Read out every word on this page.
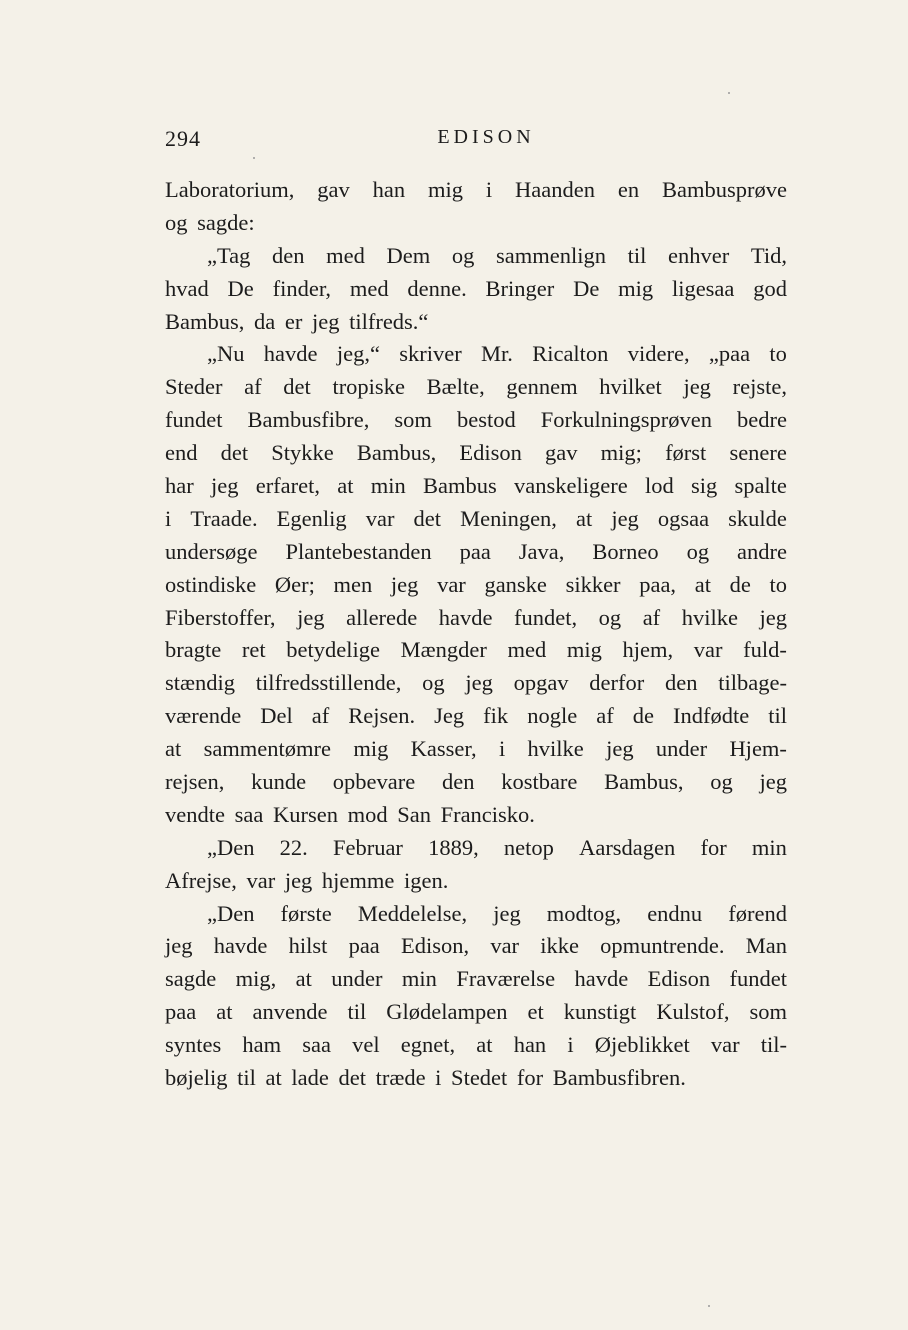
294	EDISON
Laboratorium, gav han mig i Haanden en Bambusprøve
og sagde:
„Tag den med Dem og sammenlign til enhver Tid,
hvad De finder, med denne. Bringer De mig ligesaa god
Bambus, da er jeg tilfreds.“
„Nu havde jeg,“ skriver Mr. Ricalton videre, „paa to
Steder af det tropiske Bælte, gennem hvilket jeg rejste,
fundet Bambusfibre, som bestod Forkulningsprøven bedre
end det Stykke Bambus, Edison gav mig; først senere
har jeg erfaret, at min Bambus vanskeligere lod sig spalte
i Traade. Egenlig var det Meningen, at jeg ogsaa skulde
undersøge Plantebestanden paa Java, Borneo og andre
ostindiske Øer; men jeg var ganske sikker paa, at de to
Fiberstoffer, jeg allerede havde fundet, og af hvilke jeg
bragte ret betydelige Mængder med mig hjem, var fuld-
stændig tilfredsstillende, og jeg opgav derfor den tilbage-
værende Del af Rejsen. Jeg fik nogle af de Indfødte til
at sammentømre mig Kasser, i hvilke jeg under Hjem-
rejsen, kunde opbevare den kostbare Bambus, og jeg
vendte saa Kursen mod San Francisko.
„Den 22. Februar 1889, netop Aarsdagen for min
Afrejse, var jeg hjemme igen.
„Den første Meddelelse, jeg modtog, endnu førend
jeg havde hilst paa Edison, var ikke opmuntrende. Man
sagde mig, at under min Fraværelse havde Edison fundet
paa at anvende til Glødelampen et kunstigt Kulstof, som
syntes ham saa vel egnet, at han i Øjeblikket var til-
bøjelig til at lade det træde i Stedet for Bambusfibren.
